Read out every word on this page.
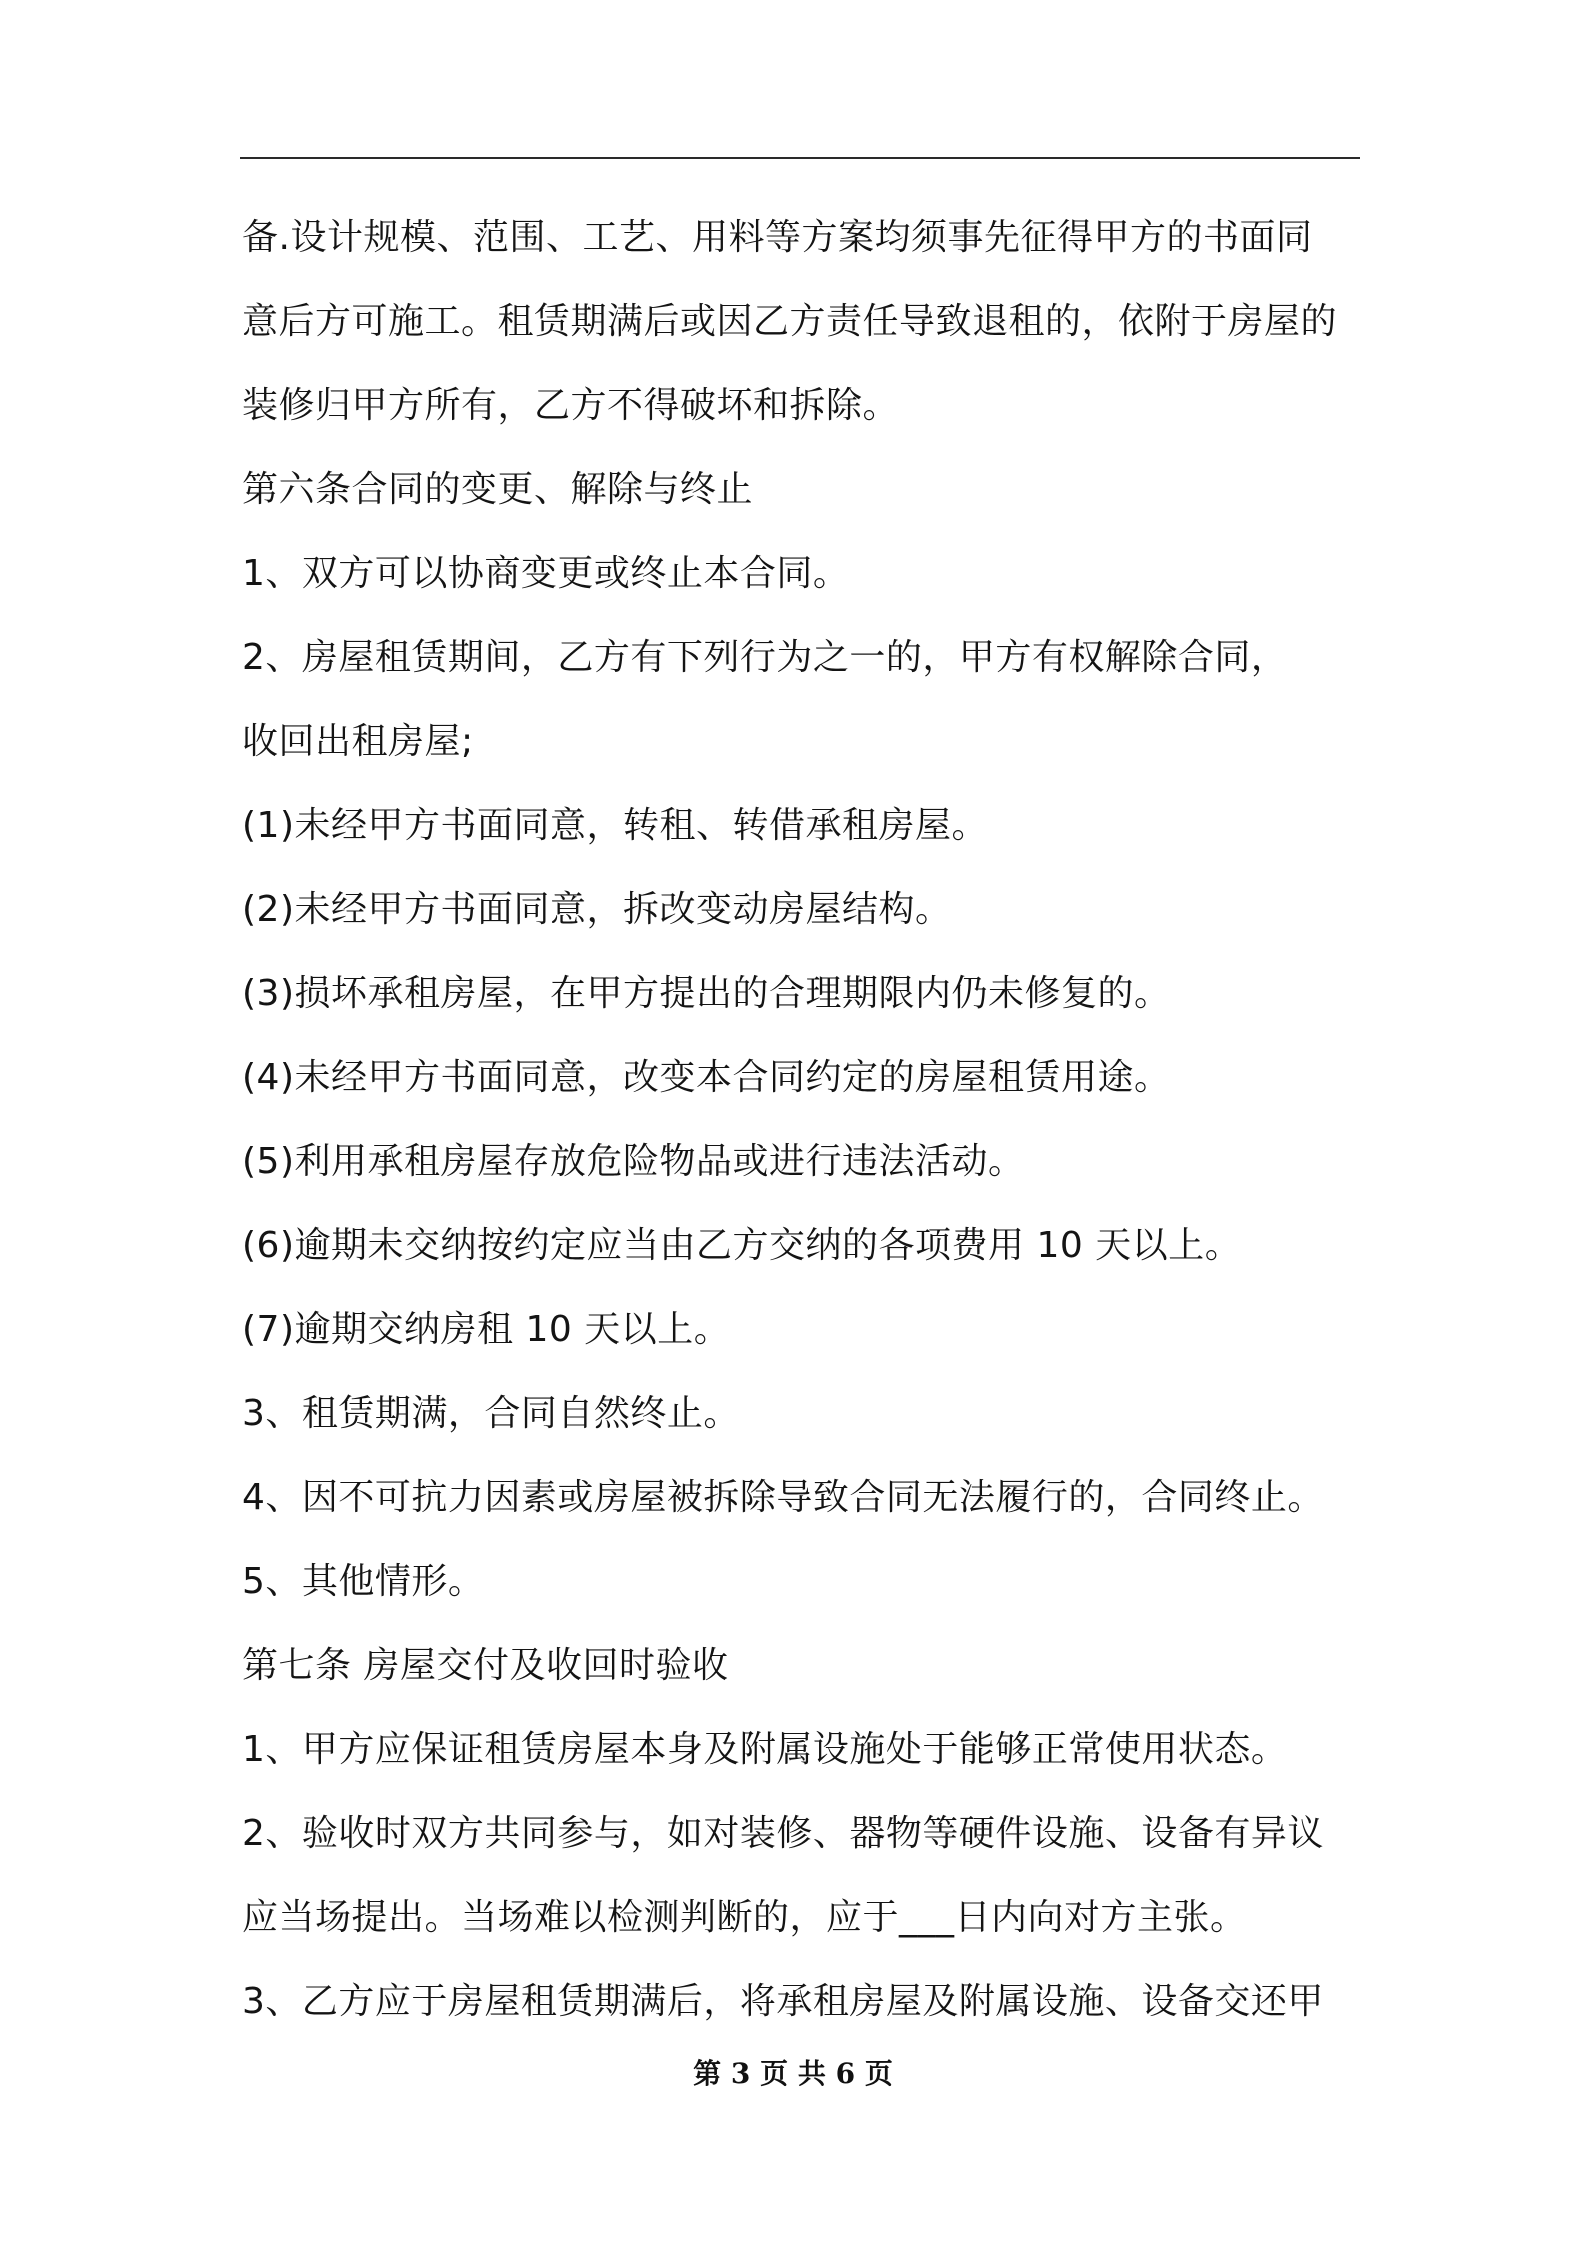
备.设计规模、范围、工艺、用料等方案均须事先征得甲方的书面同
意后方可施工。租赁期满后或因乙方责任导致退租的，依附于房屋的
装修归甲方所有，乙方不得破坏和拆除。
第六条合同的变更、解除与终止
1、双方可以协商变更或终止本合同。
2、房屋租赁期间，乙方有下列行为之一的，甲方有权解除合同，
收回出租房屋;
(1)未经甲方书面同意，转租、转借承租房屋。
(2)未经甲方书面同意，拆改变动房屋结构。
(3)损坏承租房屋，在甲方提出的合理期限内仍未修复的。
(4)未经甲方书面同意，改变本合同约定的房屋租赁用途。
(5)利用承租房屋存放危险物品或进行违法活动。
(6)逾期未交纳按约定应当由乙方交纳的各项费用 10 天以上。
(7)逾期交纳房租 10 天以上。
3、租赁期满，合同自然终止。
4、因不可抗力因素或房屋被拆除导致合同无法履行的，合同终止。
5、其他情形。
第七条 房屋交付及收回时验收
1、甲方应保证租赁房屋本身及附属设施处于能够正常使用状态。
2、验收时双方共同参与，如对装修、器物等硬件设施、设备有异议
应当场提出。当场难以检测判断的，应于___日内向对方主张。
3、乙方应于房屋租赁期满后，将承租房屋及附属设施、设备交还甲
第 3 页 共 6 页
